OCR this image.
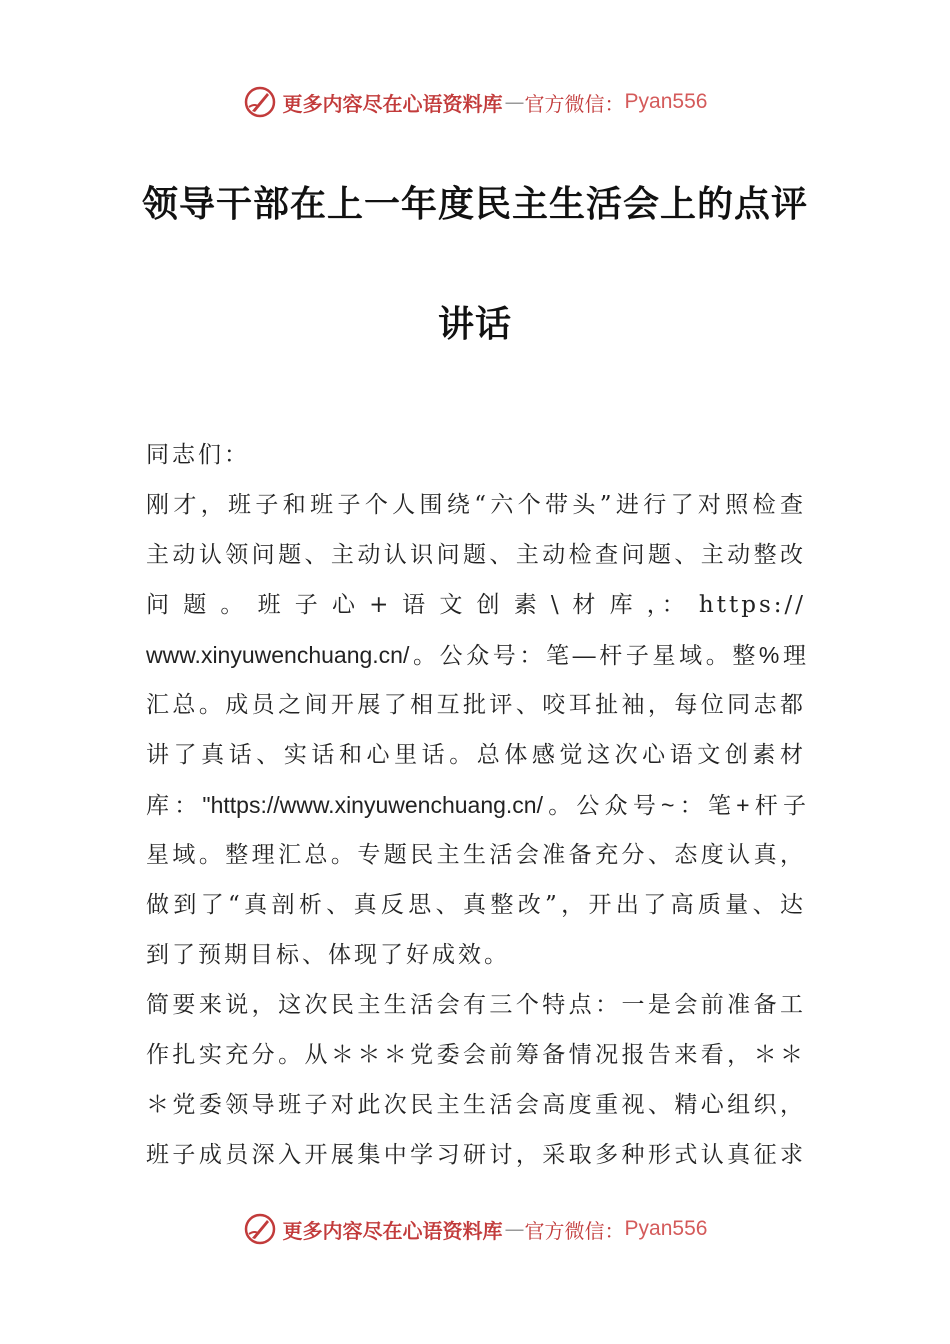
更多内容尽在心语资料库 — 官方微信： Pyan556
领导干部在上一年度民主生活会上的点评
讲话
同志们：
刚才，班子和班子个人围绕“六个带头”进行了对照检查
主动认领问题、主动认识问题、主动检查问题、主动整改
问 题 。 班 子 心 + 语 文 创 素 \ 材 库 ，： https://
www.xinyuwenchuang.cn/。公众号：笔—杆子星域。整%理
汇总。成员之间开展了相互批评、咬耳扯袖，每位同志都
讲了真话、实话和心里话。总体感觉这次心语文创素材
库："https://www.xinyuwenchuang.cn/。公众号~：笔+杆子
星域。整理汇总。专题民主生活会准备充分、态度认真，
做到了“真剖析、真反思、真整改”，开出了高质量、达
到了预期目标、体现了好成效。
简要来说，这次民主生活会有三个特点：一是会前准备工
作扎实充分。从＊＊＊党委会前筹备情况报告来看，＊＊
＊党委领导班子对此次民主生活会高度重视、精心组织，
班子成员深入开展集中学习研讨，采取多种形式认真征求
更多内容尽在心语资料库 — 官方微信： Pyan556
